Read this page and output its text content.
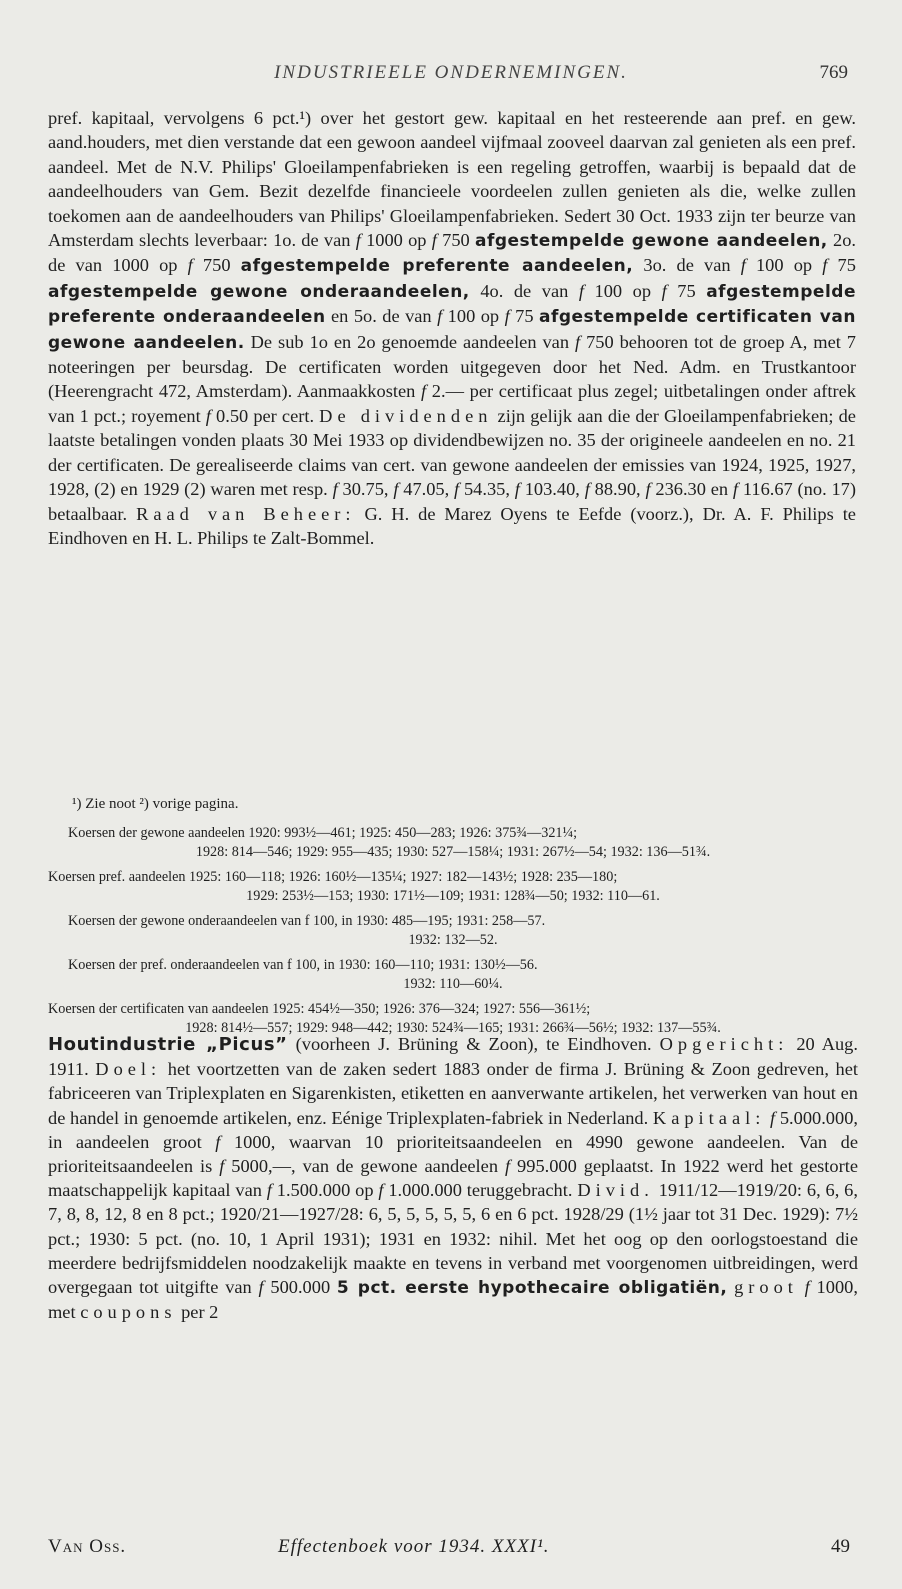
INDUSTRIEELE ONDERNEMINGEN.	769

pref. kapitaal, vervolgens 6 pct.¹) over het gestort gew. kapitaal en het resteerende aan pref. en gew. aand.houders, met dien verstande dat een gewoon aandeel vijfmaal zooveel daarvan zal genieten als een pref. aandeel. Met de N.V. Philips' Gloeilampenfabrieken is een regeling getroffen, waarbij is bepaald dat de aandeelhouders van Gem. Bezit dezelfde financieele voordeelen zullen genieten als die, welke zullen toekomen aan de aandeelhouders van Philips' Gloeilampenfabrieken. Sedert 30 Oct. 1933 zijn ter beurze van Amsterdam slechts leverbaar: 1o. de van f 1000 op f 750 afgestempelde gewone aandeelen, 2o. de van 1000 op f 750 afgestempelde preferente aandeelen, 3o. de van f 100 op f 75 afgestempelde gewone onderaandeelen, 4o. de van f 100 op f 75 afgestempelde preferente onderaandeelen en 5o. de van f 100 op f 75 afgestempelde certificaten van gewone aandeelen. De sub 1o en 2o genoemde aandeelen van f 750 behooren tot de groep A, met 7 noteeringen per beursdag. De certificaten worden uitgegeven door het Ned. Adm. en Trustkantoor (Heerengracht 472, Amsterdam). Aanmaakkosten f 2.— per certificaat plus zegel; uitbetalingen onder aftrek van 1 pct.; royement f 0.50 per cert. De dividenden zijn gelijk aan die der Gloeilampenfabrieken; de laatste betalingen vonden plaats 30 Mei 1933 op dividendbewijzen no. 35 der origineele aandeelen en no. 21 der certificaten. De gerealiseerde claims van cert. van gewone aandeelen der emissies van 1924, 1925, 1927, 1928, (2) en 1929 (2) waren met resp. f 30.75, f 47.05, f 54.35, f 103.40, f 88.90, f 236.30 en f 116.67 (no. 17) betaalbaar. Raad van Beheer: G. H. de Marez Oyens te Eefde (voorz.), Dr. A. F. Philips te Eindhoven en H. L. Philips te Zalt-Bommel.

¹) Zie noot ²) vorige pagina.
Koersen der gewone aandeelen 1920: 993½—461; 1925: 450—283; 1926: 375¾—321¼;
1928: 814—546; 1929: 955—435; 1930: 527—158¼; 1931: 267½—54; 1932: 136—51¾.
Koersen pref. aandeelen 1925: 160—118; 1926: 160½—135¼; 1927: 182—143½; 1928: 235—180;
1929: 253½—153; 1930: 171½—109; 1931: 128¾—50; 1932: 110—61.
Koersen der gewone onderaandeelen van f 100, in 1930: 485—195; 1931: 258—57.
1932: 132—52.
Koersen der pref. onderaandeelen van f 100, in 1930: 160—110; 1931: 130½—56.
1932: 110—60¼.
Koersen der certificaten van aandeelen 1925: 454½—350; 1926: 376—324; 1927: 556—361½;
1928: 814½—557; 1929: 948—442; 1930: 524¾—165; 1931: 266¾—56½; 1932: 137—55¾.

Houtindustrie „Picus” (voorheen J. Brüning & Zoon), te Eindhoven. Opgericht: 20 Aug. 1911. Doel: het voortzetten van de zaken sedert 1883 onder de firma J. Brüning & Zoon gedreven, het fabriceeren van Triplexplaten en Sigarenkisten, etiketten en aanverwante artikelen, het verwerken van hout en de handel in genoemde artikelen, enz. Eénige Triplexplaten-fabriek in Nederland. Kapitaal: f 5.000.000, in aandeelen groot f 1000, waarvan 10 prioriteitsaandeelen en 4990 gewone aandeelen. Van de prioriteitsaandeelen is f 5000,—, van de gewone aandeelen f 995.000 geplaatst. In 1922 werd het gestorte maatschappelijk kapitaal van f 1.500.000 op f 1.000.000 teruggebracht. Divid. 1911/12—1919/20: 6, 6, 6, 7, 8, 8, 12, 8 en 8 pct.; 1920/21—1927/28: 6, 5, 5, 5, 5, 5, 6 en 6 pct. 1928/29 (1½ jaar tot 31 Dec. 1929): 7½ pct.; 1930: 5 pct. (no. 10, 1 April 1931); 1931 en 1932: nihil. Met het oog op den oorlogstoestand die meerdere bedrijfsmiddelen noodzakelijk maakte en tevens in verband met voorgenomen uitbreidingen, werd overgegaan tot uitgifte van f 500.000 5 pct. eerste hypothecaire obligatiën, groot f 1000, met coupons per 2

Van Oss.	Effectenboek voor 1934. XXXI¹.	49
